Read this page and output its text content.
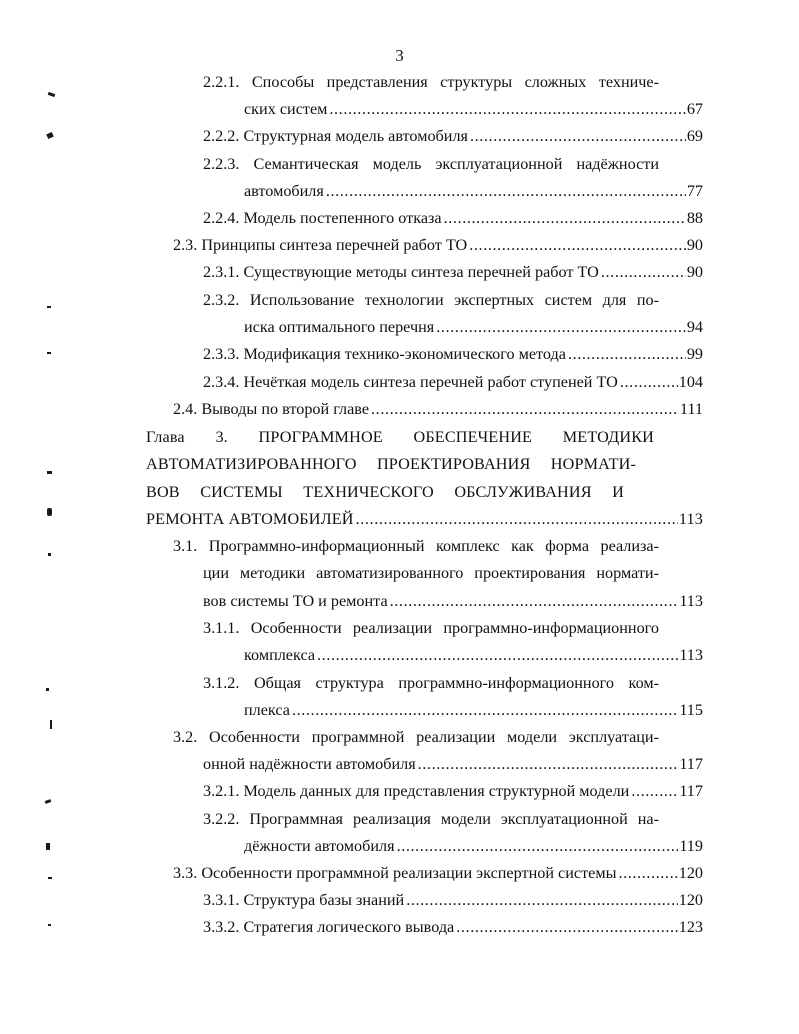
3
2.2.1. Способы представления структуры сложных техниче-
ских систем .....	67
2.2.2. Структурная модель автомобиля .....	69
2.2.3. Семантическая модель эксплуатационной надёжности
автомобиля .....	77
2.2.4. Модель постепенного отказа .....	88
2.3. Принципы синтеза перечней работ ТО .....	90
2.3.1. Существующие методы синтеза перечней работ ТО .....	90
2.3.2. Использование технологии экспертных систем для по-
иска оптимального перечня .....	94
2.3.3. Модификация технико-экономического метода .....	99
2.3.4. Нечёткая модель синтеза перечней работ ступеней ТО .....	104
2.4. Выводы по второй главе .....	111
Глава 3. ПРОГРАММНОЕ ОБЕСПЕЧЕНИЕ МЕТОДИКИ
АВТОМАТИЗИРОВАННОГО ПРОЕКТИРОВАНИЯ НОРМАТИ-
ВОВ СИСТЕМЫ ТЕХНИЧЕСКОГО ОБСЛУЖИВАНИЯ И
РЕМОНТА АВТОМОБИЛЕЙ .....	113
3.1. Программно-информационный комплекс как форма реализа-
ции методики автоматизированного проектирования нормати-
вов системы ТО и ремонта .....	113
3.1.1. Особенности реализации программно-информационного
комплекса .....	113
3.1.2. Общая структура программно-информационного ком-
плекса .....	115
3.2. Особенности программной реализации модели эксплуатаци-
онной надёжности автомобиля .....	117
3.2.1. Модель данных для представления структурной модели .....	117
3.2.2. Программная реализация модели эксплуатационной на-
дёжности автомобиля .....	119
3.3. Особенности программной реализации экспертной системы .....	120
3.3.1. Структура базы знаний .....	120
3.3.2. Стратегия логического вывода .....	123
